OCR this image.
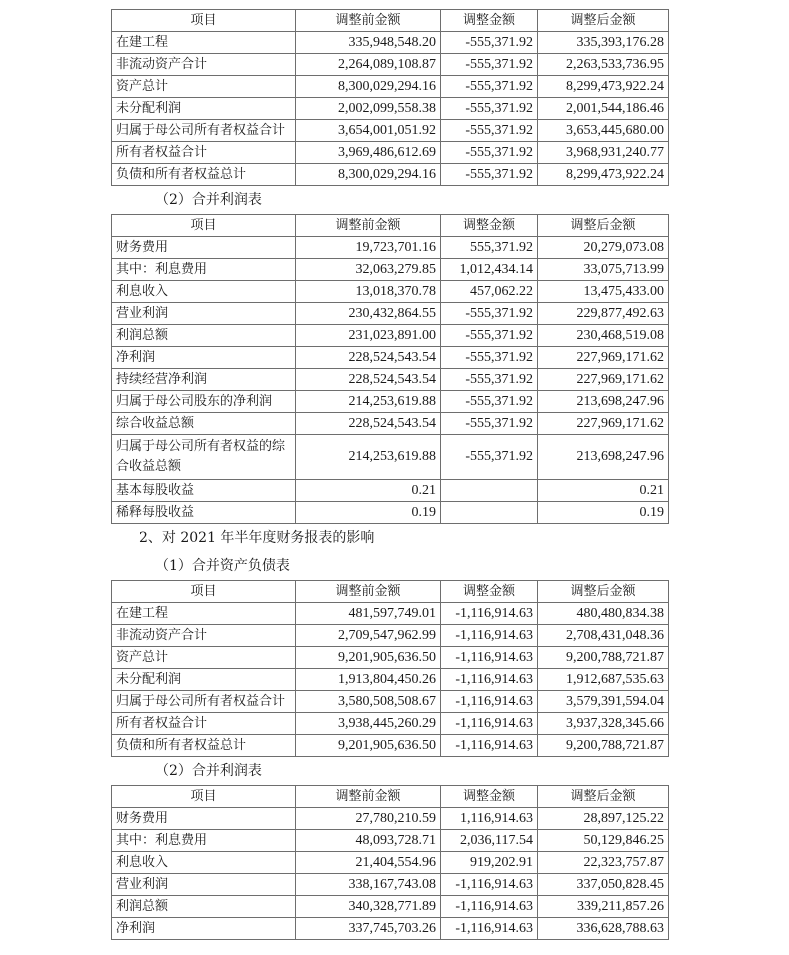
项目	调整前金额	调整金额	调整后金额
在建工程	335,948,548.20	-555,371.92	335,393,176.28
非流动资产合计	2,264,089,108.87	-555,371.92	2,263,533,736.95
资产总计	8,300,029,294.16	-555,371.92	8,299,473,922.24
未分配利润	2,002,099,558.38	-555,371.92	2,001,544,186.46
归属于母公司所有者权益合计	3,654,001,051.92	-555,371.92	3,653,445,680.00
所有者权益合计	3,969,486,612.69	-555,371.92	3,968,931,240.77
负债和所有者权益总计	8,300,029,294.16	-555,371.92	8,299,473,922.24
（2）合并利润表
项目	调整前金额	调整金额	调整后金额
财务费用	19,723,701.16	555,371.92	20,279,073.08
其中：利息费用	32,063,279.85	1,012,434.14	33,075,713.99
利息收入	13,018,370.78	457,062.22	13,475,433.00
营业利润	230,432,864.55	-555,371.92	229,877,492.63
利润总额	231,023,891.00	-555,371.92	230,468,519.08
净利润	228,524,543.54	-555,371.92	227,969,171.62
持续经营净利润	228,524,543.54	-555,371.92	227,969,171.62
归属于母公司股东的净利润	214,253,619.88	-555,371.92	213,698,247.96
综合收益总额	228,524,543.54	-555,371.92	227,969,171.62
归属于母公司所有者权益的综合收益总额	214,253,619.88	-555,371.92	213,698,247.96
基本每股收益	0.21		0.21
稀释每股收益	0.19		0.19
2、对 2021 年半年度财务报表的影响
（1）合并资产负债表
项目	调整前金额	调整金额	调整后金额
在建工程	481,597,749.01	-1,116,914.63	480,480,834.38
非流动资产合计	2,709,547,962.99	-1,116,914.63	2,708,431,048.36
资产总计	9,201,905,636.50	-1,116,914.63	9,200,788,721.87
未分配利润	1,913,804,450.26	-1,116,914.63	1,912,687,535.63
归属于母公司所有者权益合计	3,580,508,508.67	-1,116,914.63	3,579,391,594.04
所有者权益合计	3,938,445,260.29	-1,116,914.63	3,937,328,345.66
负债和所有者权益总计	9,201,905,636.50	-1,116,914.63	9,200,788,721.87
（2）合并利润表
项目	调整前金额	调整金额	调整后金额
财务费用	27,780,210.59	1,116,914.63	28,897,125.22
其中：利息费用	48,093,728.71	2,036,117.54	50,129,846.25
利息收入	21,404,554.96	919,202.91	22,323,757.87
营业利润	338,167,743.08	-1,116,914.63	337,050,828.45
利润总额	340,328,771.89	-1,116,914.63	339,211,857.26
净利润	337,745,703.26	-1,116,914.63	336,628,788.63
